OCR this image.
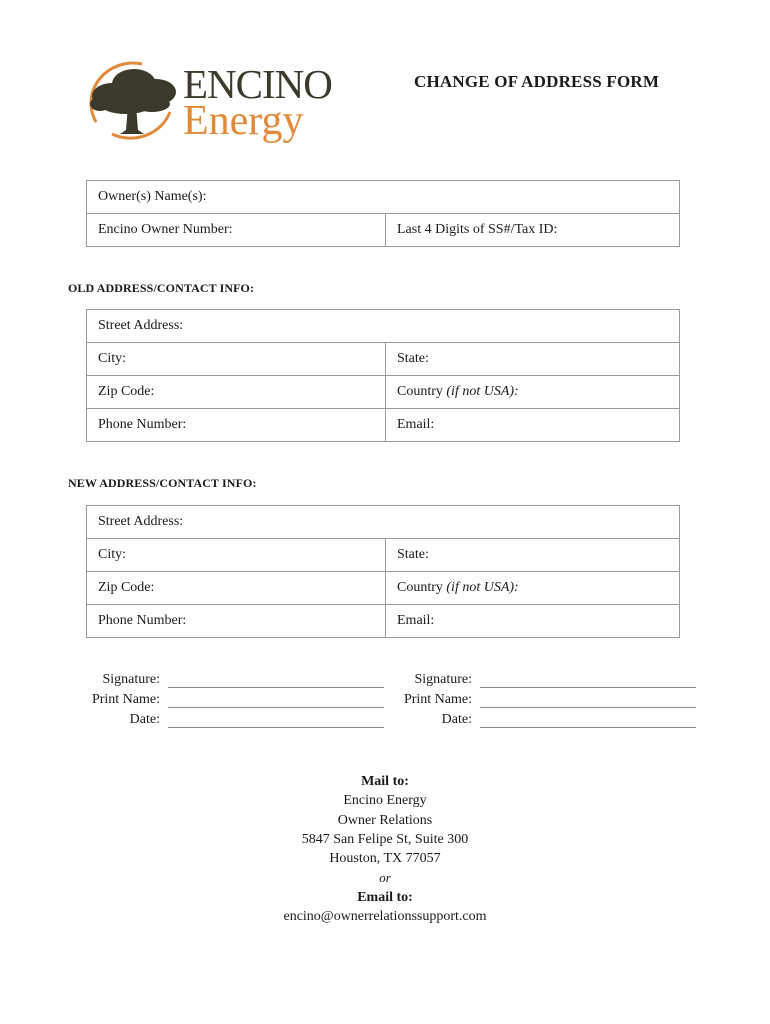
ENCINO
Energy
CHANGE OF ADDRESS FORM
Owner(s) Name(s):
Encino Owner Number:	Last 4 Digits of SS#/Tax ID:
OLD ADDRESS/CONTACT INFO:
Street Address:	
City:	State:
Zip Code:	Country (if not USA):
Phone Number:	Email:
NEW ADDRESS/CONTACT INFO:
Street Address:	
City:	State:
Zip Code:	Country (if not USA):
Phone Number:	Email:
Signature:
Print Name:
Date:
Signature:
Print Name:
Date:
Mail to:
Encino Energy
Owner Relations
5847 San Felipe St, Suite 300
Houston, TX 77057
or
Email to:
encino@ownerrelationssupport.com
